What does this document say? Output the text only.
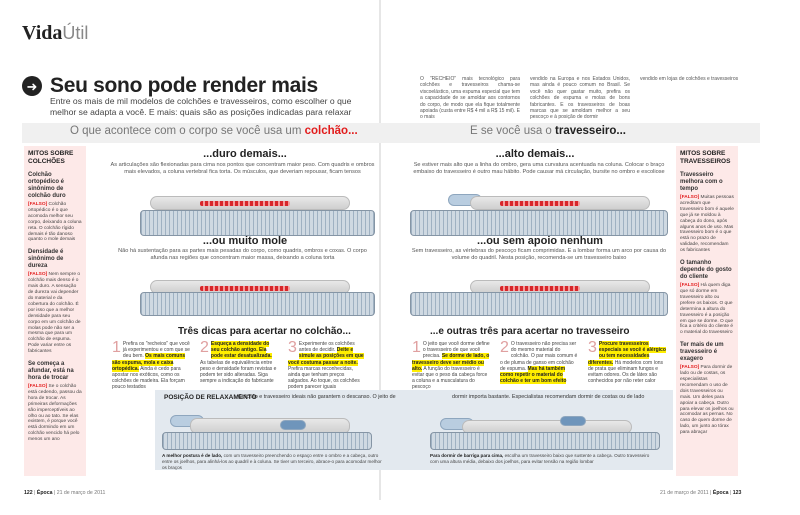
VidaÚtil
➜ Seu sono pode render mais
Entre os mais de mil modelos de colchões e travesseiros, como escolher o que melhor se adapta a você. E mais: quais são as posições indicadas para relaxar
O "RECHEIO" mais tecnológico para colchões e travesseiros chama-se viscoelástico, uma espuma especial que tem a capacidade de se amoldar aos contornos do corpo, de modo que ela fique totalmente apoiada (custa entre R$ 4 mil a R$ 15 mil). E o mais
vendido na Europa e nos Estados Unidos, mas ainda é pouco comum no Brasil. Se você não quer gastar muito, prefira os colchões de espuma e molas de bons fabricantes. E os travesseiros de boas marcas que se amoldam melhor a seu pescoço e à posição de dormir
vendido em lojas de colchões e travesseiros
O que acontece com o corpo se você usa um colchão...	E se você usa o travesseiro...
MITOS SOBRE COLCHÕES
Colchão ortopédico é sinônimo de colchão duro
[FALSO] Colchão ortopédico é o que acomoda melhor seu corpo, deixando a coluna reta. O colchão rígido demais é tão danoso quanto o mole demais
Densidade é sinônimo de dureza
[FALSO] Nem sempre o colchão mais denso é o mais duro. A sensação de dureza vai depender do material e da cobertura do colchão. É por isso que a melhor densidade para seu corpo em um colchão de molas pode não ser a mesma que para um colchão de espuma. Pode variar entre os fabricantes
Se começa a afundar, está na hora de trocar
[FALSO] Se o colchão está cedendo, passou da hora de trocar. As primeiras deformações são imperceptíveis ao olho ou ao tato. Se elas existem, é porque você está dormindo em um colchão vencido há pelo menos um ano
MITOS SOBRE TRAVESSEIROS
Travesseiro melhora com o tempo
[FALSO] Muitas pessoas acreditam que travesseiro bom é aquele que já se moldou à cabeça do dono, após alguns anos de uso. Mas travesseiro bom é o que está no prazo de validade, recomendam os fabricantes
O tamanho depende do gosto do cliente
[FALSO] Há quem diga que só dorme em travesseiro alto ou prefere os baixos. O que determina a altura do travesseiro é a posição em que se dorme. O que fica a critério do cliente é o material do travesseiro
Ter mais de um travesseiro é exagero
[FALSO] Para dormir de lado ou de costas, os especialistas recomendam o uso de dois travesseiros ou mais. Um deles para apoiar a cabeça. Outro para elevar os joelhos ou acomodar as pernas. No caso de quem dorme de lado, um junto ao tórax para abraçar
...duro demais...
As articulações são flexionadas para cima nos pontos que concentram maior peso. Com quadris e ombros mais elevados, a coluna vertebral fica torta. Os músculos, que deveriam repousar, ficam tensos
...ou muito mole
Não há sustentação para as partes mais pesadas do corpo, como quadris, ombros e coxas. O corpo afunda nas regiões que concentram maior massa, deixando a coluna torta
...alto demais...
Se estiver mais alto que a linha do ombro, gera uma curvatura acentuada na coluna. Colocar o braço embaixo do travesseiro é outro mau hábito. Pode causar má circulação, bursite no ombro e escoliose
...ou sem apoio nenhum
Sem travesseiro, as vértebras do pescoço ficam comprimidas. E a lombar forma um arco por causa do volume do quadril. Nesta posição, recomenda-se um travesseiro baixo
Três dicas para acertar no colchão...
1 Prefira os "recheios" que você já experimentou e com que se deu bem. Os mais comuns são espuma, mola e caixa ortopédica. Ainda é cedo para apostar nos exóticos, como os colchões de madeira. Ela forçam pouco testados
2 Esqueça a densidade do seu colchão antigo. Ela pode estar desatualizada. As tabelas de equivalência entre peso e densidade foram revistas e podem ter sido alteradas. Siga sempre a indicação do fabricante
3 Experimente os colchões antes de decidir. Deite e simule as posições em que você costuma passar a noite. Prefira marcas reconhecidas, ainda que tenham preços salgados. Ao toque, os colchões podem parecer iguais
...e outras três para acertar no travesseiro
1 O jeito que você dorme define o travesseiro de que você precisa. Se dorme de lado, o travesseiro deve ser médio ou alto. A função do travesseiro é evitar que o peso da cabeça force a coluna e a musculatura do pescoço
2 O travesseiro não precisa ser do mesmo material do colchão. O par mais comum é o de pluma de ganso em colchão de espuma. Mas há também como repetir o material do colchão e ter um bom efeito
3 Procure travesseiros especiais se você é alérgico ou tem necessidades diferentes. Há modelos com íons de prata que eliminam fungos e evitam odores. Os de látex são conhecidos por não reter calor
POSIÇÃO DE RELAXAMENTO
Colchão e travesseiro ideais não garantem o descanso. O jeito de	dormir importa bastante. Especialistas recomendam dormir de costas ou de lado
A melhor postura é de lado, com um travesseiro preenchendo o espaço entre o ombro e a cabeça, outro entre os joelhos, para alinhá-los ao quadril e à coluna. Se tiver um terceiro, abrace-o para acomodar melhor os braços
Para dormir de barriga para cima, escolha um travesseiro baixo que sustente a cabeça. Outro travesseiro com uma altura média, debaixo dos joelhos, para evitar tensão na região lombar
122 | Época | 21 de março de 2011	21 de março de 2011 | Época | 123
